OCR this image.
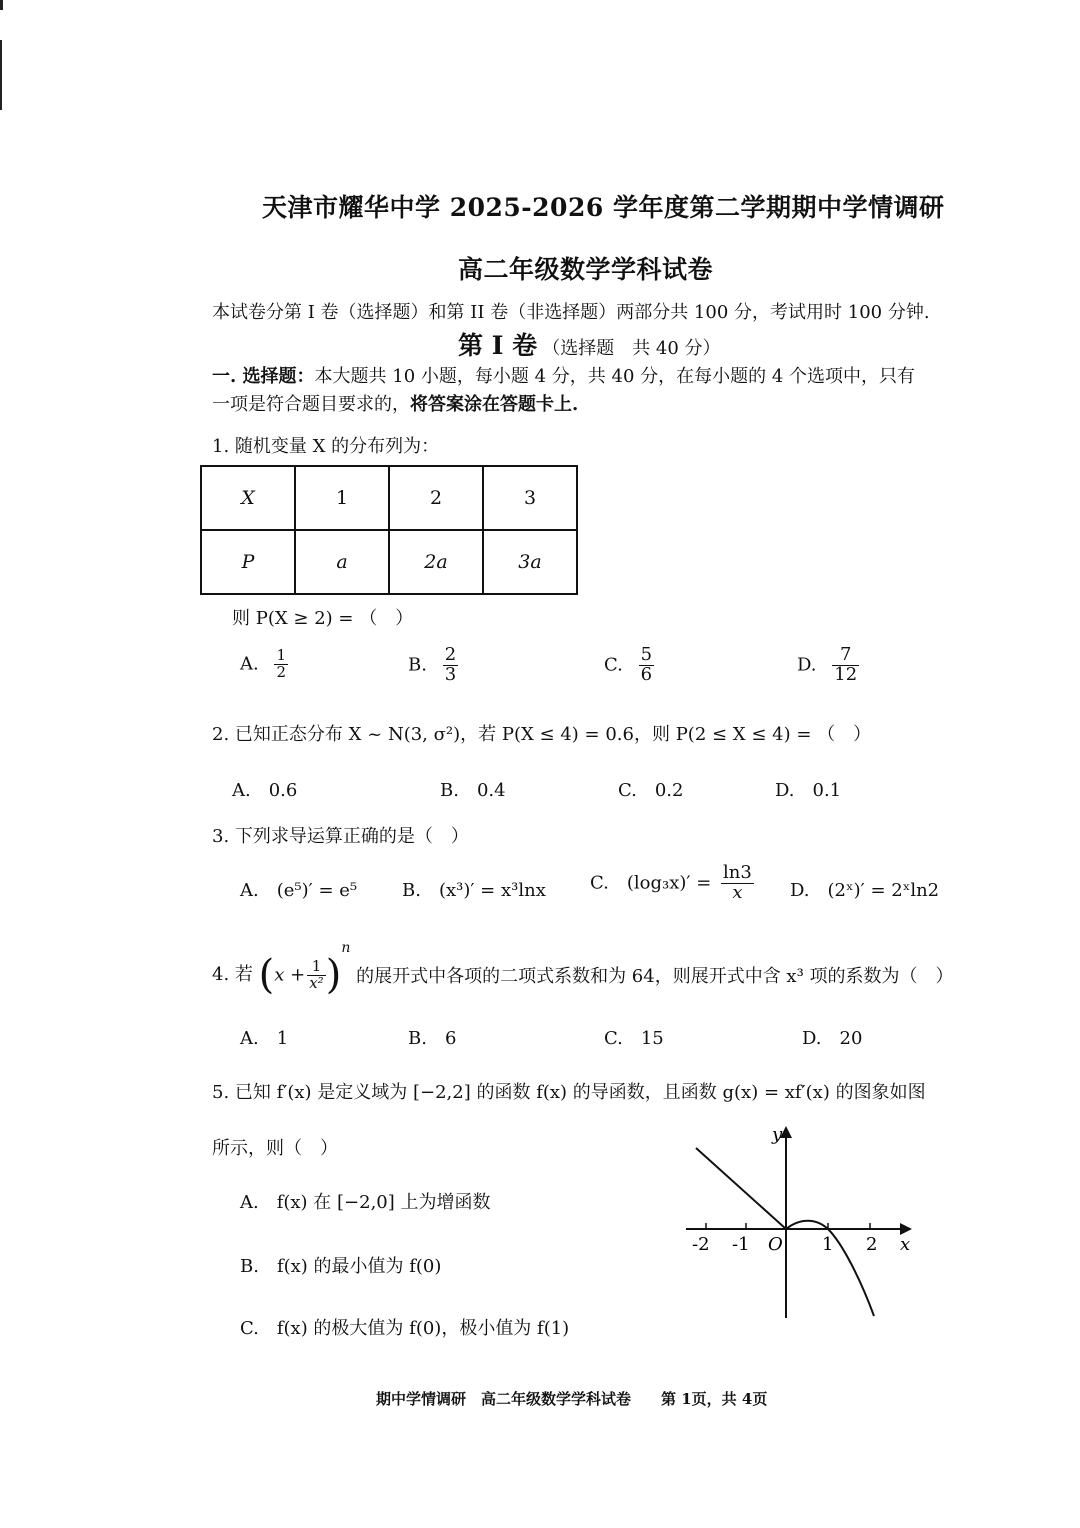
天津市耀华中学 2025-2026 学年度第二学期期中学情调研
高二年级数学学科试卷
本试卷分第 I 卷（选择题）和第 II 卷（非选择题）两部分共 100 分，考试用时 100 分钟.
第 I 卷 （选择题　共 40 分）
一. 选择题：本大题共 10 小题，每小题 4 分，共 40 分，在每小题的 4 个选项中，只有
一项是符合题目要求的，将答案涂在答题卡上.
1. 随机变量 X 的分布列为：
X	1	2	3
P	a	2a	3a
则 P(X ≥ 2) = （　）
A. $\frac{1}{2}$	B. $\frac{2}{3}$	C. $\frac{5}{6}$	D. $\frac{7}{12}$
2. 已知正态分布 X ~ N(3, σ²)，若 P(X ≤ 4) = 0.6，则 P(2 ≤ X ≤ 4) = （　）
A.　0.6	B.　0.4	C.　0.2	D.　0.1
3. 下列求导运算正确的是（　）
A.　(e⁵)′ = e⁵ B.　(x³)′ = x³lnx C.　$(\log_3x)' = \frac{\ln 3}{x} D$.　(2ˣ)′ = 2ˣln2
4. 若 $(x + \frac{1}{\text{x²}} )^n$ 的展开式中各项的二项式系数和为 64，则展开式中含 x³ 项的系数为（　）
A.　1	B.　6	C.　15	D.　20
5. 已知 f′(x) 是定义域为 [−2,2] 的函数 f(x) 的导函数，且函数 g(x) = xf′(x) 的图象如图
所示，则（　）
A.　f(x) 在 [−2,0] 上为增函数
B.　f(x) 的最小值为 f(0)
C.　f(x) 的极大值为 f(0)，极小值为 f(1)
y
x
O
-2 -1	1 2
期中学情调研　高二年级数学学科试卷　　第 1页，共 4页
